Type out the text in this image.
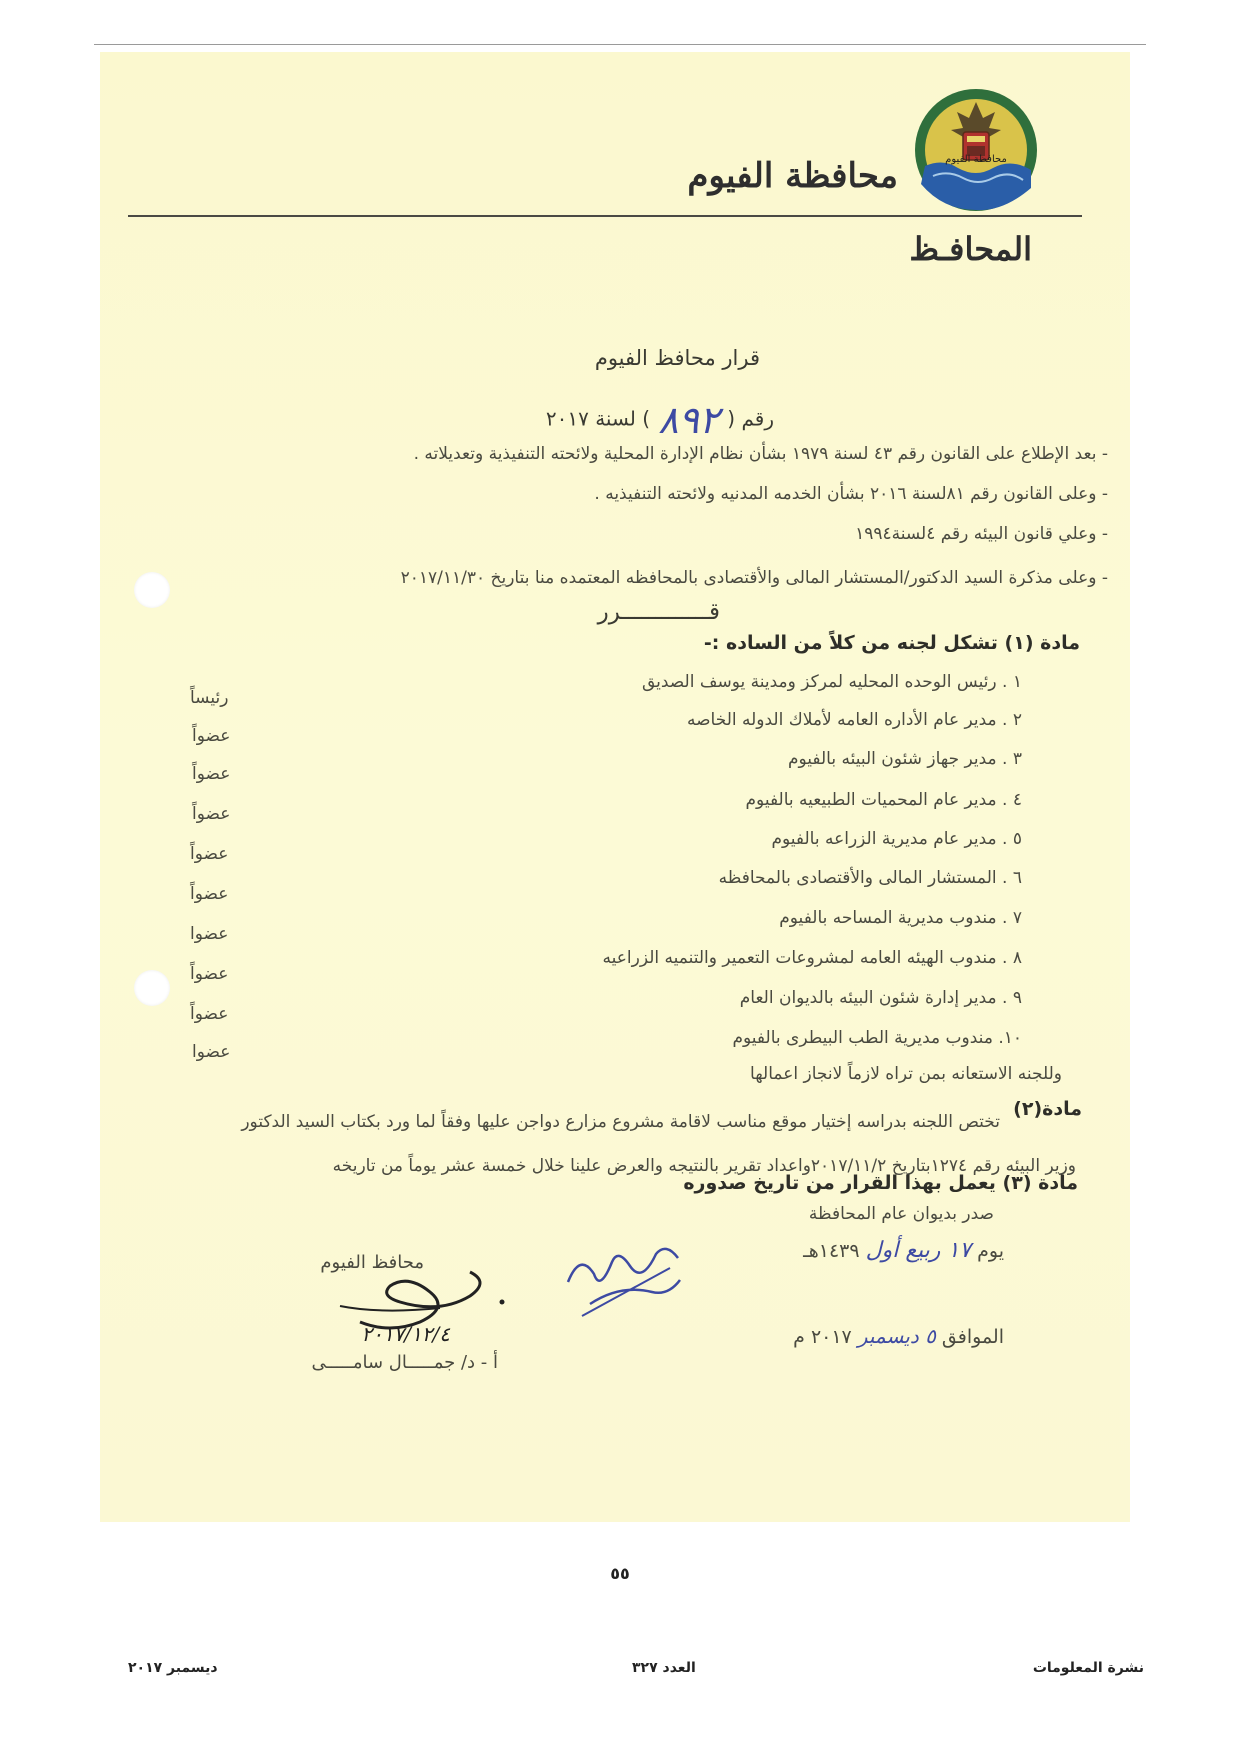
محافظة الفيوم
محافظة الفيوم
المحافـظ
قرار محافظ الفيوم
رقم (٨٩٢) لسنة ٢٠١٧
- بعد الإطلاع على القانون رقم ٤٣ لسنة ١٩٧٩ بشأن نظام الإدارة المحلية ولائحته التنفيذية وتعديلاته .
- وعلى القانون رقم ٨١لسنة ٢٠١٦ بشأن الخدمه المدنيه ولائحته التنفيذيه .
- وعلي قانون البيئه رقم ٤لسنة١٩٩٤
- وعلى مذكرة السيد الدكتور/المستشار المالى والأقتصادى بالمحافظه المعتمده منا بتاريخ ٢٠١٧/١١/٣٠
قـــــــــــــرر
مادة (١) تشكل لجنه من كلاً من الساده :-
١ . رئيس الوحده المحليه لمركز ومدينة يوسف الصديق
٢ . مدير عام الأداره العامه لأملاك الدوله الخاصه
٣ . مدير جهاز شئون البيئه بالفيوم
٤ . مدير عام المحميات الطبيعيه بالفيوم
٥ . مدير عام مديرية الزراعه بالفيوم
٦ . المستشار المالى والأقتصادى بالمحافظه
٧ . مندوب مديرية المساحه بالفيوم
٨ . مندوب الهيئه العامه لمشروعات التعمير والتنميه الزراعيه
٩ . مدير إدارة شئون البيئه بالديوان العام
١٠. مندوب مديرية الطب البيطرى بالفيوم
رئيساً
عضواً
عضواً
عضواً
عضواً
عضواً
عضوا
عضواً
عضواً
عضوا
وللجنه الاستعانه بمن تراه لازماً لانجاز اعمالها
مادة(٢)
تختص اللجنه بدراسه إختيار موقع مناسب لاقامة مشروع مزارع دواجن عليها وفقاً لما ورد بكتاب السيد الدكتور
وزير البيئه رقم ١٢٧٤بتاريخ ٢٠١٧/١١/٢واعداد تقرير بالنتيجه والعرض علينا خلال خمسة عشر يوماً من تاريخه
مادة (٣) يعمل بهذا القرار من تاريخ صدوره
صدر بديوان عام المحافظة
يوم ١٧ ربيع أول ١٤٣٩هـ
الموافق ٥ ديسمبر ٢٠١٧ م
محافظ الفيوم
٢٠١٧/١٢/٤
أ - د/ جمـــــال سامـــــى
٥٥
نشرة المعلومات
العدد ٣٢٧
ديسمبر ٢٠١٧
